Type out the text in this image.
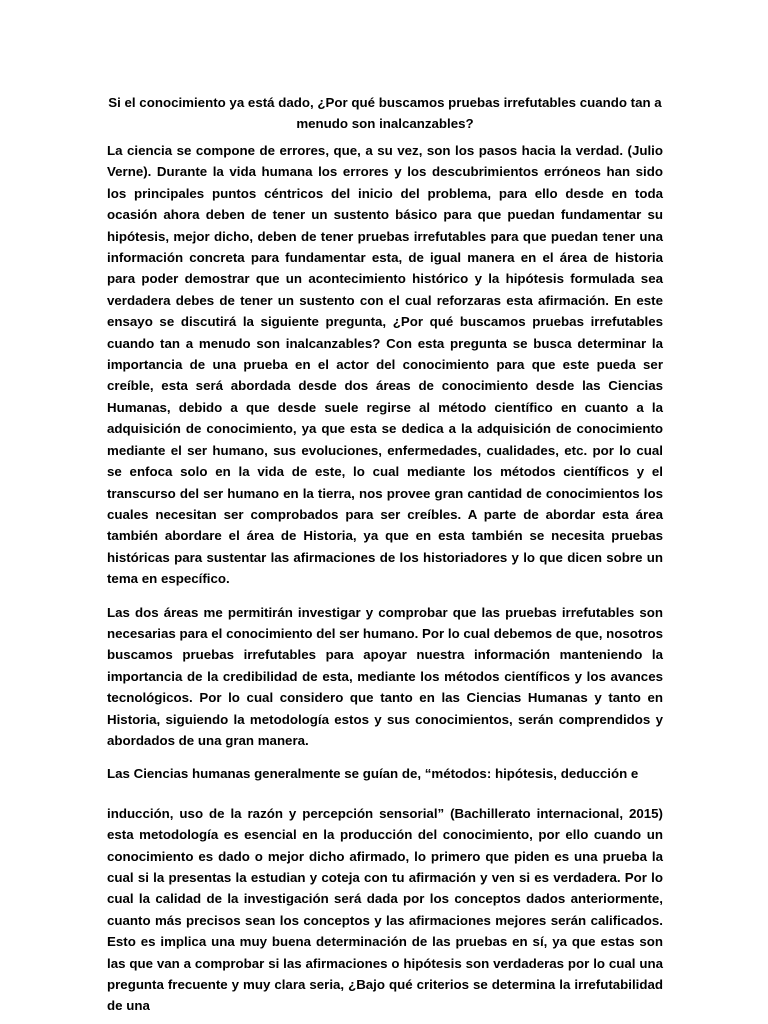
Si el conocimiento ya está dado, ¿Por qué buscamos pruebas irrefutables cuando tan a menudo son inalcanzables?

La ciencia se compone de errores, que, a su vez, son los pasos hacia la verdad. (Julio Verne). Durante la vida humana los errores y los descubrimientos erróneos han sido los principales puntos céntricos del inicio del problema, para ello desde en toda ocasión ahora deben de tener un sustento básico para que puedan fundamentar su hipótesis, mejor dicho, deben de tener pruebas irrefutables para que puedan tener una información concreta para fundamentar esta, de igual manera en el área de historia para poder demostrar que un acontecimiento histórico y la hipótesis formulada sea verdadera debes de tener un sustento con el cual reforzaras esta afirmación. En este ensayo se discutirá la siguiente pregunta, ¿Por qué buscamos pruebas irrefutables cuando tan a menudo son inalcanzables? Con esta pregunta se busca determinar la importancia de una prueba en el actor del conocimiento para que este pueda ser creíble, esta será abordada desde dos áreas de conocimiento desde las Ciencias Humanas, debido a que desde suele regirse al método científico en cuanto a la adquisición de conocimiento, ya que esta se dedica a la adquisición de conocimiento mediante el ser humano, sus evoluciones, enfermedades, cualidades, etc. por lo cual se enfoca solo en la vida de este, lo cual mediante los métodos científicos y el transcurso del ser humano en la tierra, nos provee gran cantidad de conocimientos los cuales necesitan ser comprobados para ser creíbles. A parte de abordar esta área también abordare el área de Historia, ya que en esta también se necesita pruebas históricas para sustentar las afirmaciones de los historiadores y lo que dicen sobre un tema en específico.

Las dos áreas me permitirán investigar y comprobar que las pruebas irrefutables son necesarias para el conocimiento del ser humano. Por lo cual debemos de que, nosotros buscamos pruebas irrefutables para apoyar nuestra información manteniendo la importancia de la credibilidad de esta, mediante los métodos científicos y los avances tecnológicos. Por lo cual considero que tanto en las Ciencias Humanas y tanto en Historia, siguiendo la metodología estos y sus conocimientos, serán comprendidos y abordados de una gran manera.

Las Ciencias humanas generalmente se guían de, “métodos: hipótesis, deducción e

inducción, uso de la razón y percepción sensorial” (Bachillerato internacional, 2015) esta metodología es esencial en la producción del conocimiento, por ello cuando un conocimiento es dado o mejor dicho afirmado, lo primero que piden es una prueba la cual si la presentas la estudian y coteja con tu afirmación y ven si es verdadera. Por lo cual la calidad de la investigación será dada por los conceptos dados anteriormente, cuanto más precisos sean los conceptos y las afirmaciones mejores serán calificados. Esto es implica una muy buena determinación de las pruebas en sí, ya que estas son las que van a comprobar si las afirmaciones o hipótesis son verdaderas por lo cual una pregunta frecuente y muy clara seria, ¿Bajo qué criterios se determina la irrefutabilidad de una
